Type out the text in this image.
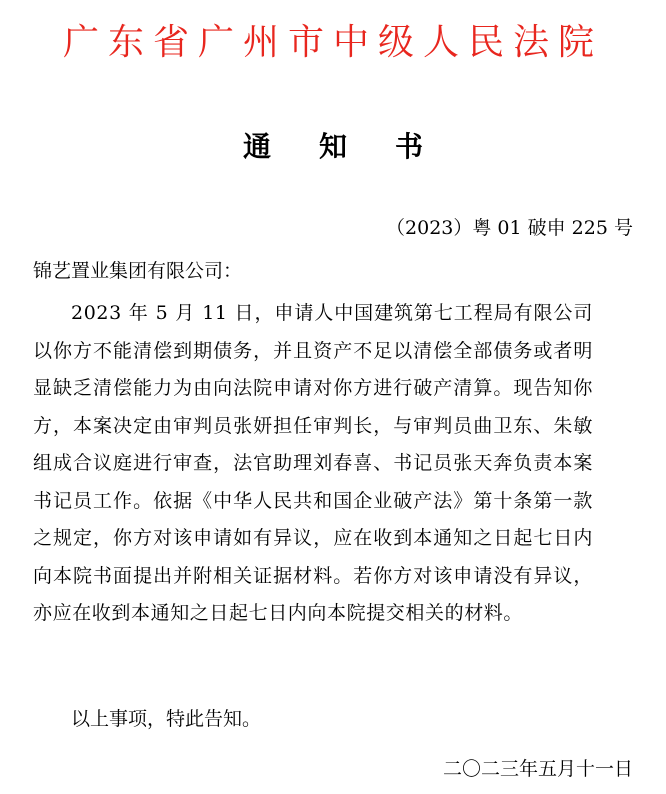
广东省广州市中级人民法院
通 知 书
（2023）粤 01 破申 225 号
锦艺置业集团有限公司：

2023 年 5 月 11 日，申请人中国建筑第七工程局有限公司以你方不能清偿到期债务，并且资产不足以清偿全部债务或者明显缺乏清偿能力为由向法院申请对你方进行破产清算。现告知你方，本案决定由审判员张妍担任审判长，与审判员曲卫东、朱敏组成合议庭进行审查，法官助理刘春喜、书记员张天奔负责本案书记员工作。依据《中华人民共和国企业破产法》第十条第一款之规定，你方对该申请如有异议，应在收到本通知之日起七日内向本院书面提出并附相关证据材料。若你方对该申请没有异议，亦应在收到本通知之日起七日内向本院提交相关的材料。

以上事项，特此告知。
二〇二三年五月十一日
